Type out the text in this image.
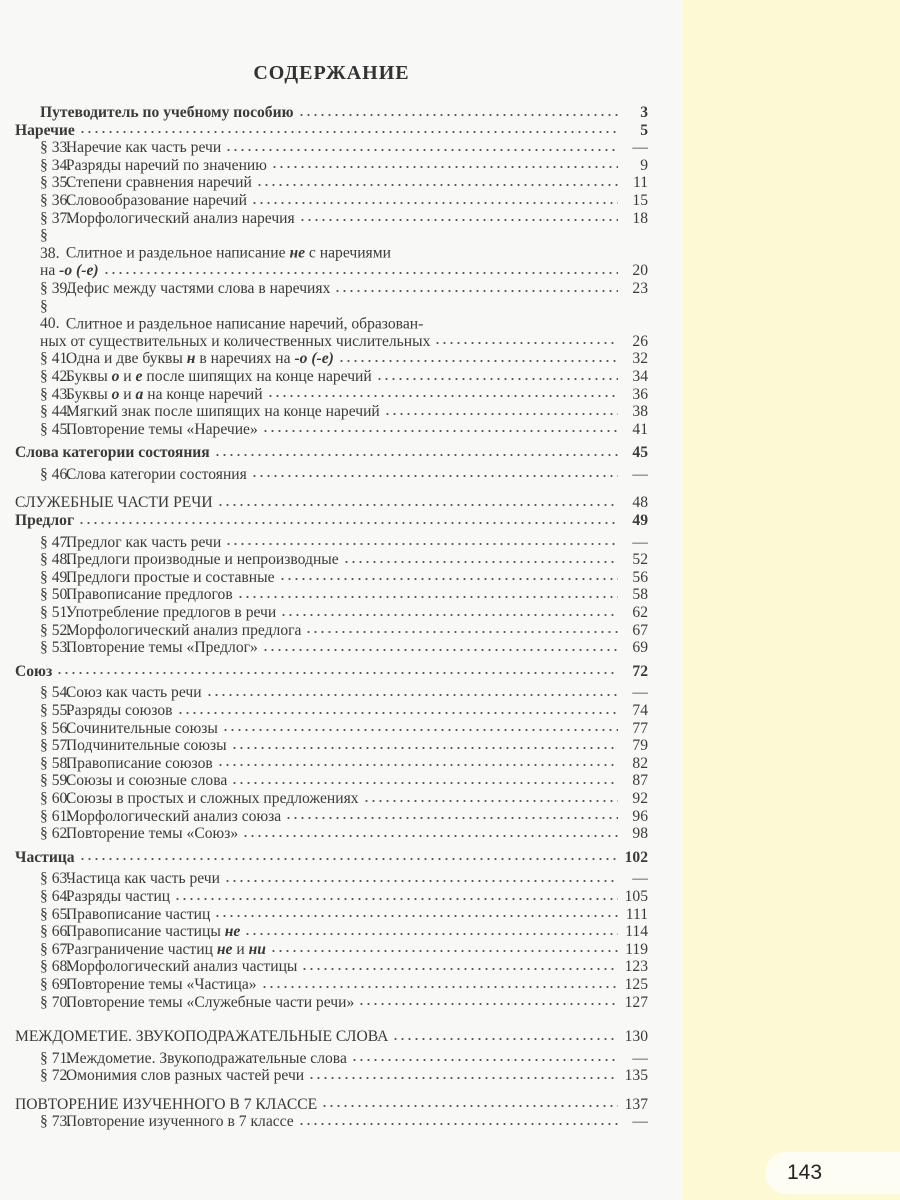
СОДЕРЖАНИЕ
Путеводитель по учебному пособию	3
Наречие	5
§ 33. Наречие как часть речи	—
§ 34. Разряды наречий по значению	9
§ 35. Степени сравнения наречий	11
§ 36. Словообразование наречий	15
§ 37. Морфологический анализ наречия	18
§ 38. Слитное и раздельное написание не с наречиями
на -о (-е)	20
§ 39. Дефис между частями слова в наречиях	23
§ 40. Слитное и раздельное написание наречий, образован-
ных от существительных и количественных числительных	26
§ 41. Одна и две буквы н в наречиях на -о (-е)	32
§ 42. Буквы о и е после шипящих на конце наречий	34
§ 43. Буквы о и а на конце наречий	36
§ 44. Мягкий знак после шипящих на конце наречий	38
§ 45. Повторение темы «Наречие»	41
Слова категории состояния	45
§ 46. Слова категории состояния	—
СЛУЖЕБНЫЕ ЧАСТИ РЕЧИ	48
Предлог	49
§ 47. Предлог как часть речи	—
§ 48. Предлоги производные и непроизводные	52
§ 49. Предлоги простые и составные	56
§ 50. Правописание предлогов	58
§ 51. Употребление предлогов в речи	62
§ 52. Морфологический анализ предлога	67
§ 53. Повторение темы «Предлог»	69
Союз	72
§ 54. Союз как часть речи	—
§ 55. Разряды союзов	74
§ 56. Сочинительные союзы	77
§ 57. Подчинительные союзы	79
§ 58. Правописание союзов	82
§ 59. Союзы и союзные слова	87
§ 60. Союзы в простых и сложных предложениях	92
§ 61. Морфологический анализ союза	96
§ 62. Повторение темы «Союз»	98
Частица	102
§ 63. Частица как часть речи	—
§ 64. Разряды частиц	105
§ 65. Правописание частиц	111
§ 66. Правописание частицы не	114
§ 67. Разграничение частиц не и ни	119
§ 68. Морфологический анализ частицы	123
§ 69. Повторение темы «Частица»	125
§ 70. Повторение темы «Служебные части речи»	127
МЕЖДОМЕТИЕ. ЗВУКОПОДРАЖАТЕЛЬНЫЕ СЛОВА	130
§ 71. Междометие. Звукоподражательные слова	—
§ 72. Омонимия слов разных частей речи	135
ПОВТОРЕНИЕ ИЗУЧЕННОГО В 7 КЛАССЕ	137
§ 73. Повторение изученного в 7 классе	—
143
